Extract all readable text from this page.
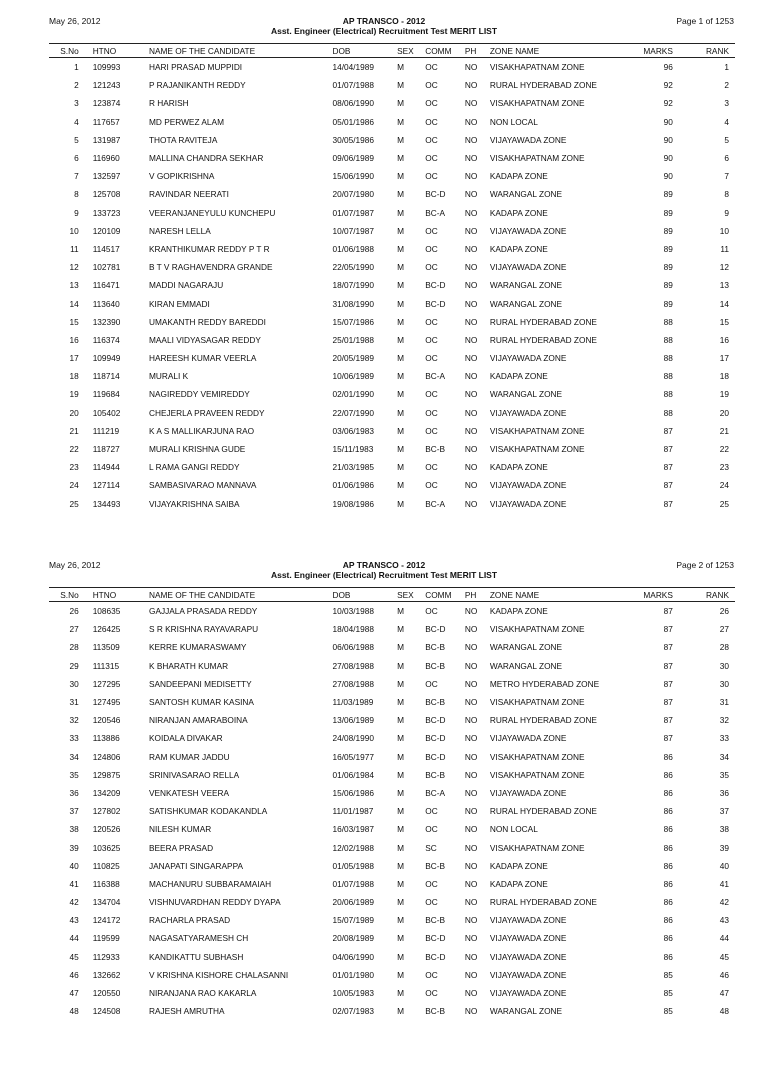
May 26, 2012	AP TRANSCO - 2012
Asst. Engineer (Electrical) Recruitment Test MERIT LIST
Page 1 of 1253
S.No	HTNO	NAME OF THE CANDIDATE	DOB	SEX	COMM	PH	ZONE NAME	MARKS	RANK
1	109993	HARI PRASAD MUPPIDI	14/04/1989	M	OC	NO	VISAKHAPATNAM ZONE	96	1
2	121243	P RAJANIKANTH REDDY	01/07/1988	M	OC	NO	RURAL HYDERABAD ZONE	92	2
3	123874	R HARISH	08/06/1990	M	OC	NO	VISAKHAPATNAM ZONE	92	3
4	117657	MD PERWEZ ALAM	05/01/1986	M	OC	NO	NON LOCAL	90	4
5	131987	THOTA RAVITEJA	30/05/1986	M	OC	NO	VIJAYAWADA ZONE	90	5
6	116960	MALLINA CHANDRA SEKHAR	09/06/1989	M	OC	NO	VISAKHAPATNAM ZONE	90	6
7	132597	V GOPIKRISHNA	15/06/1990	M	OC	NO	KADAPA ZONE	90	7
8	125708	RAVINDAR NEERATI	20/07/1980	M	BC-D	NO	WARANGAL ZONE	89	8
9	133723	VEERANJANEYULU KUNCHEPU	01/07/1987	M	BC-A	NO	KADAPA ZONE	89	9
10	120109	NARESH LELLA	10/07/1987	M	OC	NO	VIJAYAWADA ZONE	89	10
11	114517	KRANTHIKUMAR REDDY P T R	01/06/1988	M	OC	NO	KADAPA ZONE	89	11
12	102781	B T V RAGHAVENDRA GRANDE	22/05/1990	M	OC	NO	VIJAYAWADA ZONE	89	12
13	116471	MADDI NAGARAJU	18/07/1990	M	BC-D	NO	WARANGAL ZONE	89	13
14	113640	KIRAN EMMADI	31/08/1990	M	BC-D	NO	WARANGAL ZONE	89	14
15	132390	UMAKANTH REDDY BAREDDI	15/07/1986	M	OC	NO	RURAL HYDERABAD ZONE	88	15
16	116374	MAALI VIDYASAGAR REDDY	25/01/1988	M	OC	NO	RURAL HYDERABAD ZONE	88	16
17	109949	HAREESH KUMAR VEERLA	20/05/1989	M	OC	NO	VIJAYAWADA ZONE	88	17
18	118714	MURALI K	10/06/1989	M	BC-A	NO	KADAPA ZONE	88	18
19	119684	NAGIREDDY VEMIREDDY	02/01/1990	M	OC	NO	WARANGAL ZONE	88	19
20	105402	CHEJERLA PRAVEEN REDDY	22/07/1990	M	OC	NO	VIJAYAWADA ZONE	88	20
21	111219	K A S MALLIKARJUNA RAO	03/06/1983	M	OC	NO	VISAKHAPATNAM ZONE	87	21
22	118727	MURALI KRISHNA GUDE	15/11/1983	M	BC-B	NO	VISAKHAPATNAM ZONE	87	22
23	114944	L RAMA GANGI REDDY	21/03/1985	M	OC	NO	KADAPA ZONE	87	23
24	127114	SAMBASIVARAO MANNAVA	01/06/1986	M	OC	NO	VIJAYAWADA ZONE	87	24
25	134493	VIJAYAKRISHNA SAIBA	19/08/1986	M	BC-A	NO	VIJAYAWADA ZONE	87	25
May 26, 2012	AP TRANSCO - 2012
Asst. Engineer (Electrical) Recruitment Test MERIT LIST
Page 2 of 1253
S.No	HTNO	NAME OF THE CANDIDATE	DOB	SEX	COMM	PH	ZONE NAME	MARKS	RANK
26	108635	GAJJALA PRASADA REDDY	10/03/1988	M	OC	NO	KADAPA ZONE	87	26
27	126425	S R KRISHNA RAYAVARAPU	18/04/1988	M	BC-D	NO	VISAKHAPATNAM ZONE	87	27
28	113509	KERRE KUMARASWAMY	06/06/1988	M	BC-B	NO	WARANGAL ZONE	87	28
29	111315	K BHARATH KUMAR	27/08/1988	M	BC-B	NO	WARANGAL ZONE	87	30
30	127295	SANDEEPANI MEDISETTY	27/08/1988	M	OC	NO	METRO HYDERABAD ZONE	87	30
31	127495	SANTOSH KUMAR KASINA	11/03/1989	M	BC-B	NO	VISAKHAPATNAM ZONE	87	31
32	120546	NIRANJAN AMARABOINA	13/06/1989	M	BC-D	NO	RURAL HYDERABAD ZONE	87	32
33	113886	KOIDALA DIVAKAR	24/08/1990	M	BC-D	NO	VIJAYAWADA ZONE	87	33
34	124806	RAM KUMAR JADDU	16/05/1977	M	BC-D	NO	VISAKHAPATNAM ZONE	86	34
35	129875	SRINIVASARAO RELLA	01/06/1984	M	BC-B	NO	VISAKHAPATNAM ZONE	86	35
36	134209	VENKATESH VEERA	15/06/1986	M	BC-A	NO	VIJAYAWADA ZONE	86	36
37	127802	SATISHKUMAR KODAKANDLA	11/01/1987	M	OC	NO	RURAL HYDERABAD ZONE	86	37
38	120526	NILESH KUMAR	16/03/1987	M	OC	NO	NON LOCAL	86	38
39	103625	BEERA PRASAD	12/02/1988	M	SC	NO	VISAKHAPATNAM ZONE	86	39
40	110825	JANAPATI SINGARAPPA	01/05/1988	M	BC-B	NO	KADAPA ZONE	86	40
41	116388	MACHANURU SUBBARAMAIAH	01/07/1988	M	OC	NO	KADAPA ZONE	86	41
42	134704	VISHNUVARDHAN REDDY DYAPA	20/06/1989	M	OC	NO	RURAL HYDERABAD ZONE	86	42
43	124172	RACHARLA PRASAD	15/07/1989	M	BC-B	NO	VIJAYAWADA ZONE	86	43
44	119599	NAGASATYARAMESH CH	20/08/1989	M	BC-D	NO	VIJAYAWADA ZONE	86	44
45	112933	KANDIKATTU SUBHASH	04/06/1990	M	BC-D	NO	VIJAYAWADA ZONE	86	45
46	132662	V KRISHNA KISHORE CHALASANNI	01/01/1980	M	OC	NO	VIJAYAWADA ZONE	85	46
47	120550	NIRANJANA RAO KAKARLA	10/05/1983	M	OC	NO	VIJAYAWADA ZONE	85	47
48	124508	RAJESH AMRUTHA	02/07/1983	M	BC-B	NO	WARANGAL ZONE	85	48
